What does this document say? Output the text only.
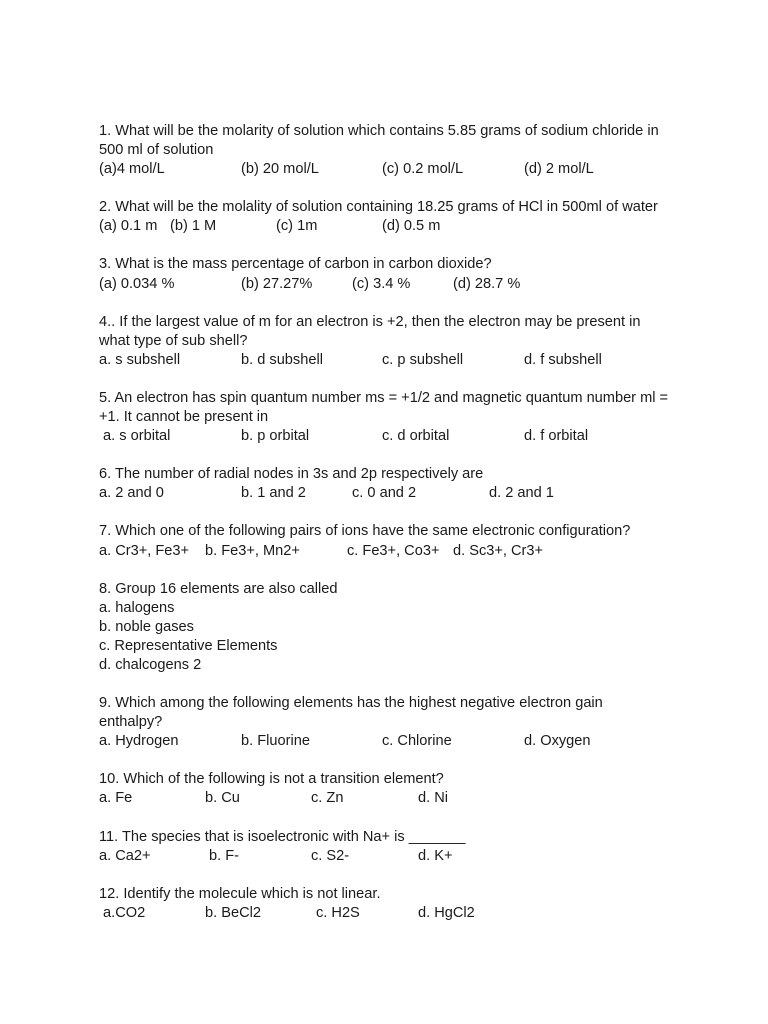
1. What will be the molarity of solution which contains 5.85 grams of sodium chloride in 500 ml of solution

(a)4 mol/L

	(b) 20 mol/L

	(c) 0.2 mol/L

	(d) 2 mol/L

2. What will be the molality of solution containing 18.25 grams of HCl in 500ml of water

(a) 0.1 m

(b) 1 M

	(c) 1m

	(d) 0.5 m

3. What is the mass percentage of carbon in carbon dioxide?

(a) 0.034 %

	(b) 27.27%

	(c) 3.4 %

	(d) 28.7 %

4.. If the largest value of m for an electron is +2, then the electron may be present in what type of sub shell?

a. s subshell

	b. d subshell

	c. p subshell

	d. f subshell

5. An electron has spin quantum number ms = +1/2 and magnetic quantum number ml = +1. It cannot be present in

a. s orbital

	b. p orbital

	c. d orbital

	d. f orbital

6. The number of radial nodes in 3s and 2p respectively are

a. 2 and 0

	b. 1 and 2

	c. 0 and 2

	d. 2 and 1

7. Which one of the following pairs of ions have the same electronic configuration?

a. Cr3+, Fe3+

b. Fe3+, Mn2+

	c. Fe3+, Co3+

d. Sc3+, Cr3+

8. Group 16 elements are also called
a. halogens
b. noble gases
c. Representative Elements
d. chalcogens 2
9. Which among the following elements has the highest negative electron gain enthalpy?

a. Hydrogen

	b. Fluorine

	c. Chlorine

	d. Oxygen

10. Which of the following is not a transition element?

a. Fe

	b. Cu

	c. Zn

	d. Ni

11. The species that is isoelectronic with Na+ is _______

a. Ca2+

	b. F-

	c. S2-

	d. K+

12. Identify the molecule which is not linear.

a.CO2

	b. BeCl2

	c. H2S

	d. HgCl2
